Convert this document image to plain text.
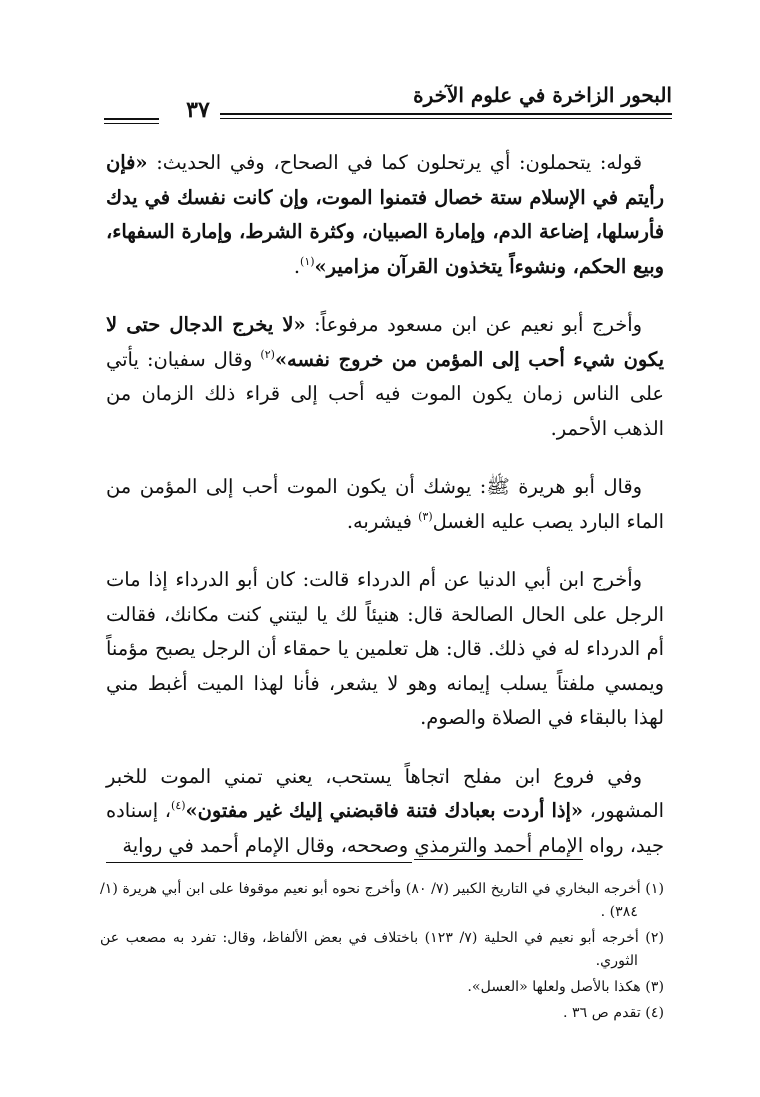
البحور الزاخرة في علوم الآخرة
٣٧

قوله: يتحملون: أي يرتحلون كما في الصحاح، وفي الحديث: «فإن رأيتم في الإسلام ستة خصال فتمنوا الموت، وإن كانت نفسك في يدك فأرسلها، إضاعة الدم، وإمارة الصبيان، وكثرة الشرط، وإمارة السفهاء، وبيع الحكم، ونشوءاً يتخذون القرآن مزامير»$^{(١)}$.

وأخرج أبو نعيم عن ابن مسعود مرفوعاً: «لا يخرج الدجال حتى لا يكون شيء أحب إلى المؤمن من خروج نفسه»$^{(٢)}$ وقال سفيان: يأتي على الناس زمان يكون الموت فيه أحب إلى قراء ذلك الزمان من الذهب الأحمر.

وقال أبو هريرة ﷺ: يوشك أن يكون الموت أحب إلى المؤمن من الماء البارد يصب عليه الغسل$^{(٣)}$ فيشربه.

وأخرج ابن أبي الدنيا عن أم الدرداء قالت: كان أبو الدرداء إذا مات الرجل على الحال الصالحة قال: هنيئاً لك يا ليتني كنت مكانك، فقالت أم الدرداء له في ذلك. قال: هل تعلمين يا حمقاء أن الرجل يصبح مؤمناً ويمسي ملفتاً يسلب إيمانه وهو لا يشعر، فأنا لهذا الميت أغبط مني لهذا بالبقاء في الصلاة والصوم.

وفي فروع ابن مفلح اتجاهاً يستحب، يعني تمني الموت للخبر المشهور، «إذا أردت بعبادك فتنة فاقبضني إليك غير مفتون»$^{(٤)}$، إسناده جيد، رواه الإمام أحمد والترمذي وصححه، وقال الإمام أحمد في رواية

(١) أخرجه البخاري في التاريخ الكبير (٧/ ٨٠) وأخرج نحوه أبو نعيم موقوفا على ابن أبي هريرة (١/ ٣٨٤) .

(٢) أخرجه أبو نعيم في الحلية (٧/ ١٢٣) باختلاف في بعض الألفاظ، وقال: تفرد به مصعب عن الثوري.

(٣) هكذا بالأصل ولعلها «العسل».

(٤) تقدم ص ٣٦ .
